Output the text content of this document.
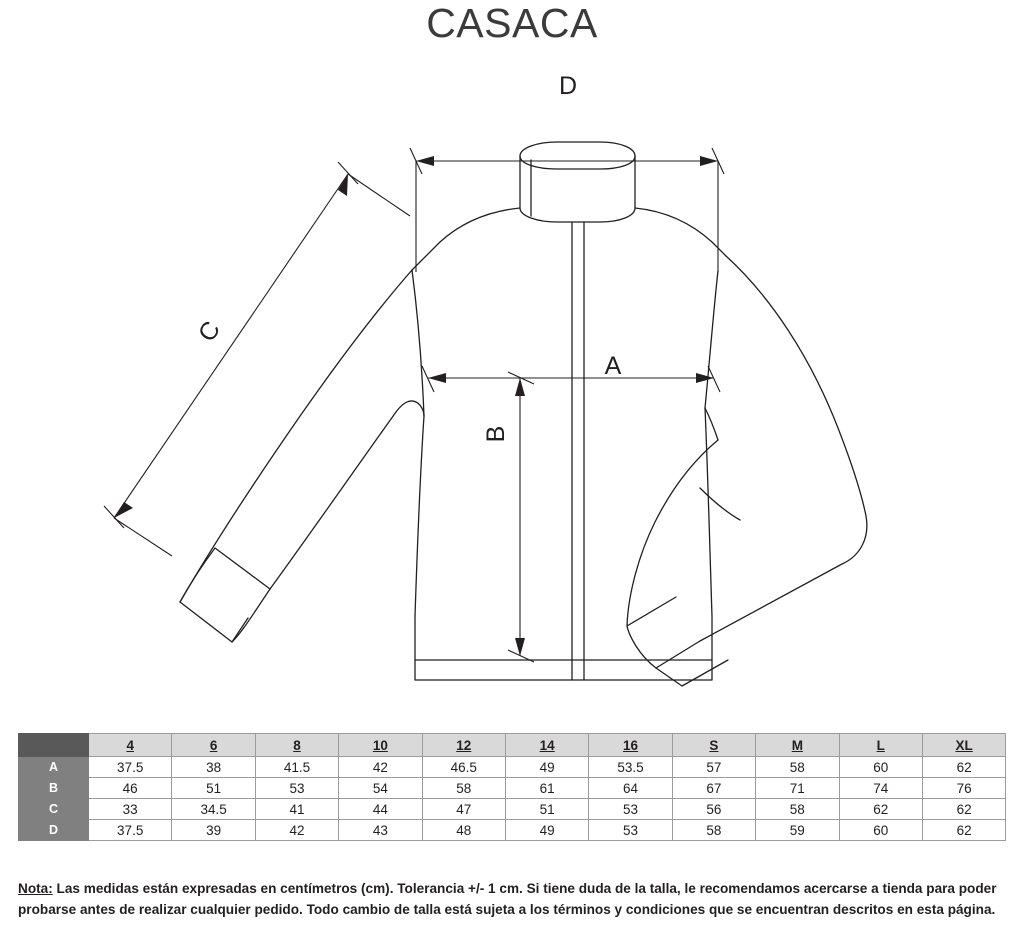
CASACA
D
A
B
C
	4	6	8	10	12	14	16	S	M	L	XL
A	37.5	38	41.5	42	46.5	49	53.5	57	58	60	62
B	46	51	53	54	58	61	64	67	71	74	76
C	33	34.5	41	44	47	51	53	56	58	62	62
D	37.5	39	42	43	48	49	53	58	59	60	62
Nota: Las medidas están expresadas en centímetros (cm). Tolerancia +/- 1 cm. Si tiene duda de la talla, le recomendamos acercarse a tienda para poder probarse antes de realizar cualquier pedido. Todo cambio de talla está sujeta a los términos y condiciones que se encuentran descritos en esta página.
